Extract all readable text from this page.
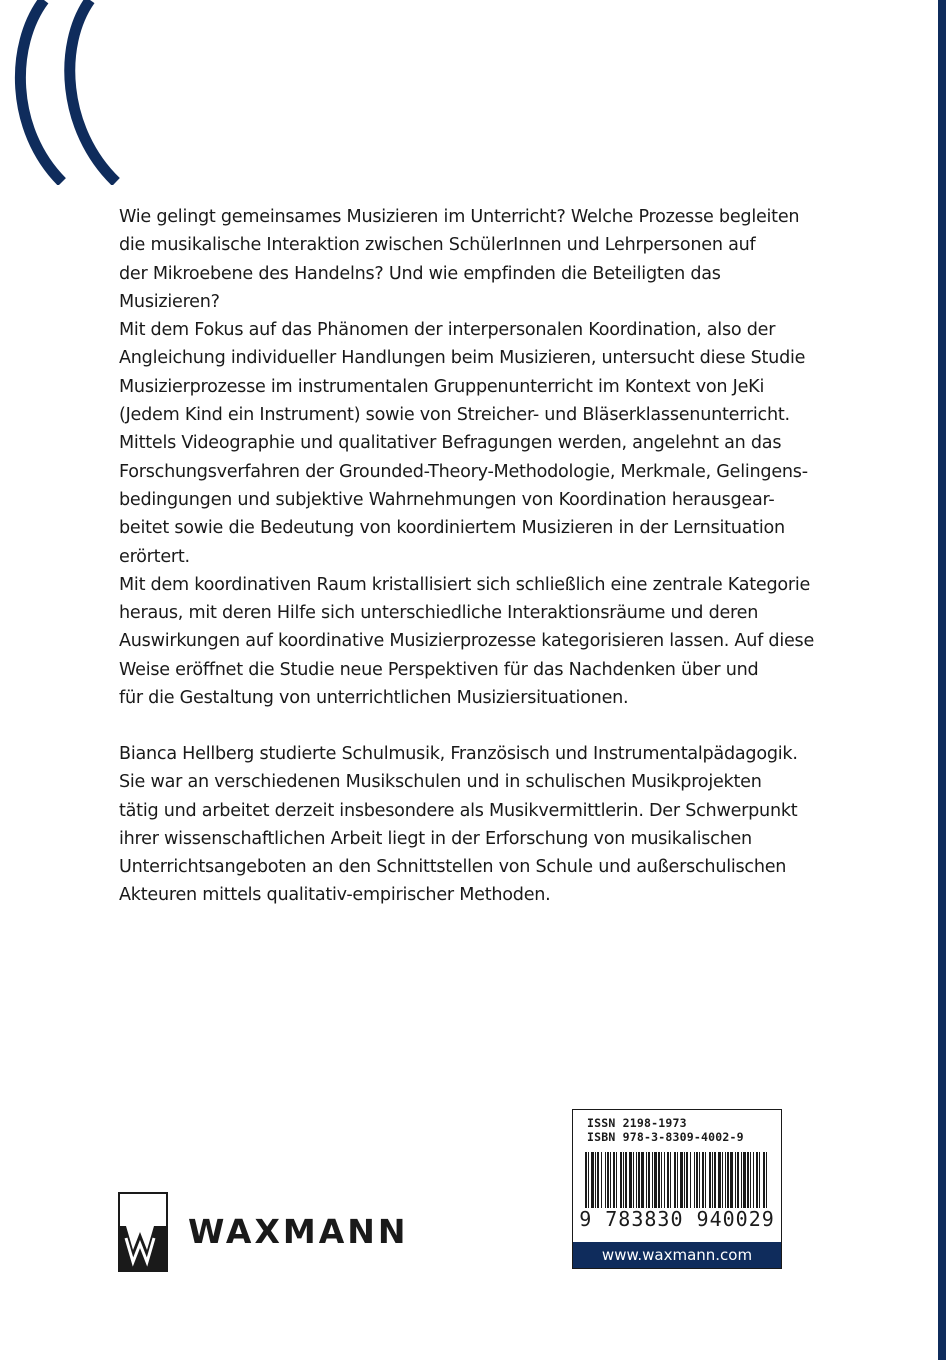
Wie gelingt gemeinsames Musizieren im Unterricht? Welche Prozesse begleiten
die musikalische Interaktion zwischen SchülerInnen und Lehrpersonen auf
der Mikroebene des Handelns? Und wie empfinden die Beteiligten das Musizieren?
Mit dem Fokus auf das Phänomen der interpersonalen Koordination, also der
Angleichung individueller Handlungen beim Musizieren, untersucht diese Studie
Musizierprozesse im instrumentalen Gruppenunterricht im Kontext von JeKi
(Jedem Kind ein Instrument) sowie von Streicher- und Bläserklassenunterricht.
Mittels Videographie und qualitativer Befragungen werden, angelehnt an das
Forschungsverfahren der Grounded-Theory-Methodologie, Merkmale, Gelingens-
bedingungen und subjektive Wahrnehmungen von Koordination herausgear-
beitet sowie die Bedeutung von koordiniertem Musizieren in der Lernsituation
erörtert.

Mit dem koordinativen Raum kristallisiert sich schließlich eine zentrale Kategorie
heraus, mit deren Hilfe sich unterschiedliche Interaktionsräume und deren
Auswirkungen auf koordinative Musizierprozesse kategorisieren lassen. Auf diese
Weise eröffnet die Studie neue Perspektiven für das Nachdenken über und
für die Gestaltung von unterrichtlichen Musiziersituationen.

Bianca Hellberg studierte Schulmusik, Französisch und Instrumentalpädagogik.
Sie war an verschiedenen Musikschulen und in schulischen Musikprojekten
tätig und arbeitet derzeit insbesondere als Musikvermittlerin. Der Schwerpunkt
ihrer wissenschaftlichen Arbeit liegt in der Erforschung von musikalischen
Unterrichtsangeboten an den Schnittstellen von Schule und außerschulischen
Akteuren mittels qualitativ-empirischer Methoden.

WAXMANN
ISSN 2198-1973
ISBN 978-3-8309-4002-9
9 783830 940029
www.waxmann.com
